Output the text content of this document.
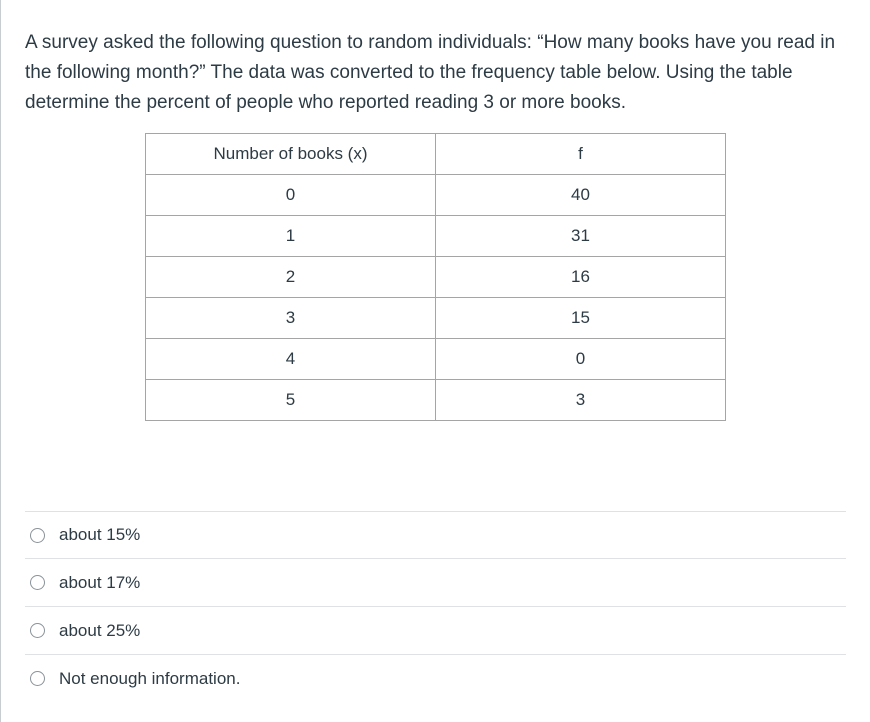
A survey asked the following question to random individuals: “How many books have you read in the following month?” The data was converted to the frequency table below. Using the table determine the percent of people who reported reading 3 or more books.
Number of books (x)	f
0	40
1	31
2	16
3	15
4	0
5	3
about 15%
about 17%
about 25%
Not enough information.
